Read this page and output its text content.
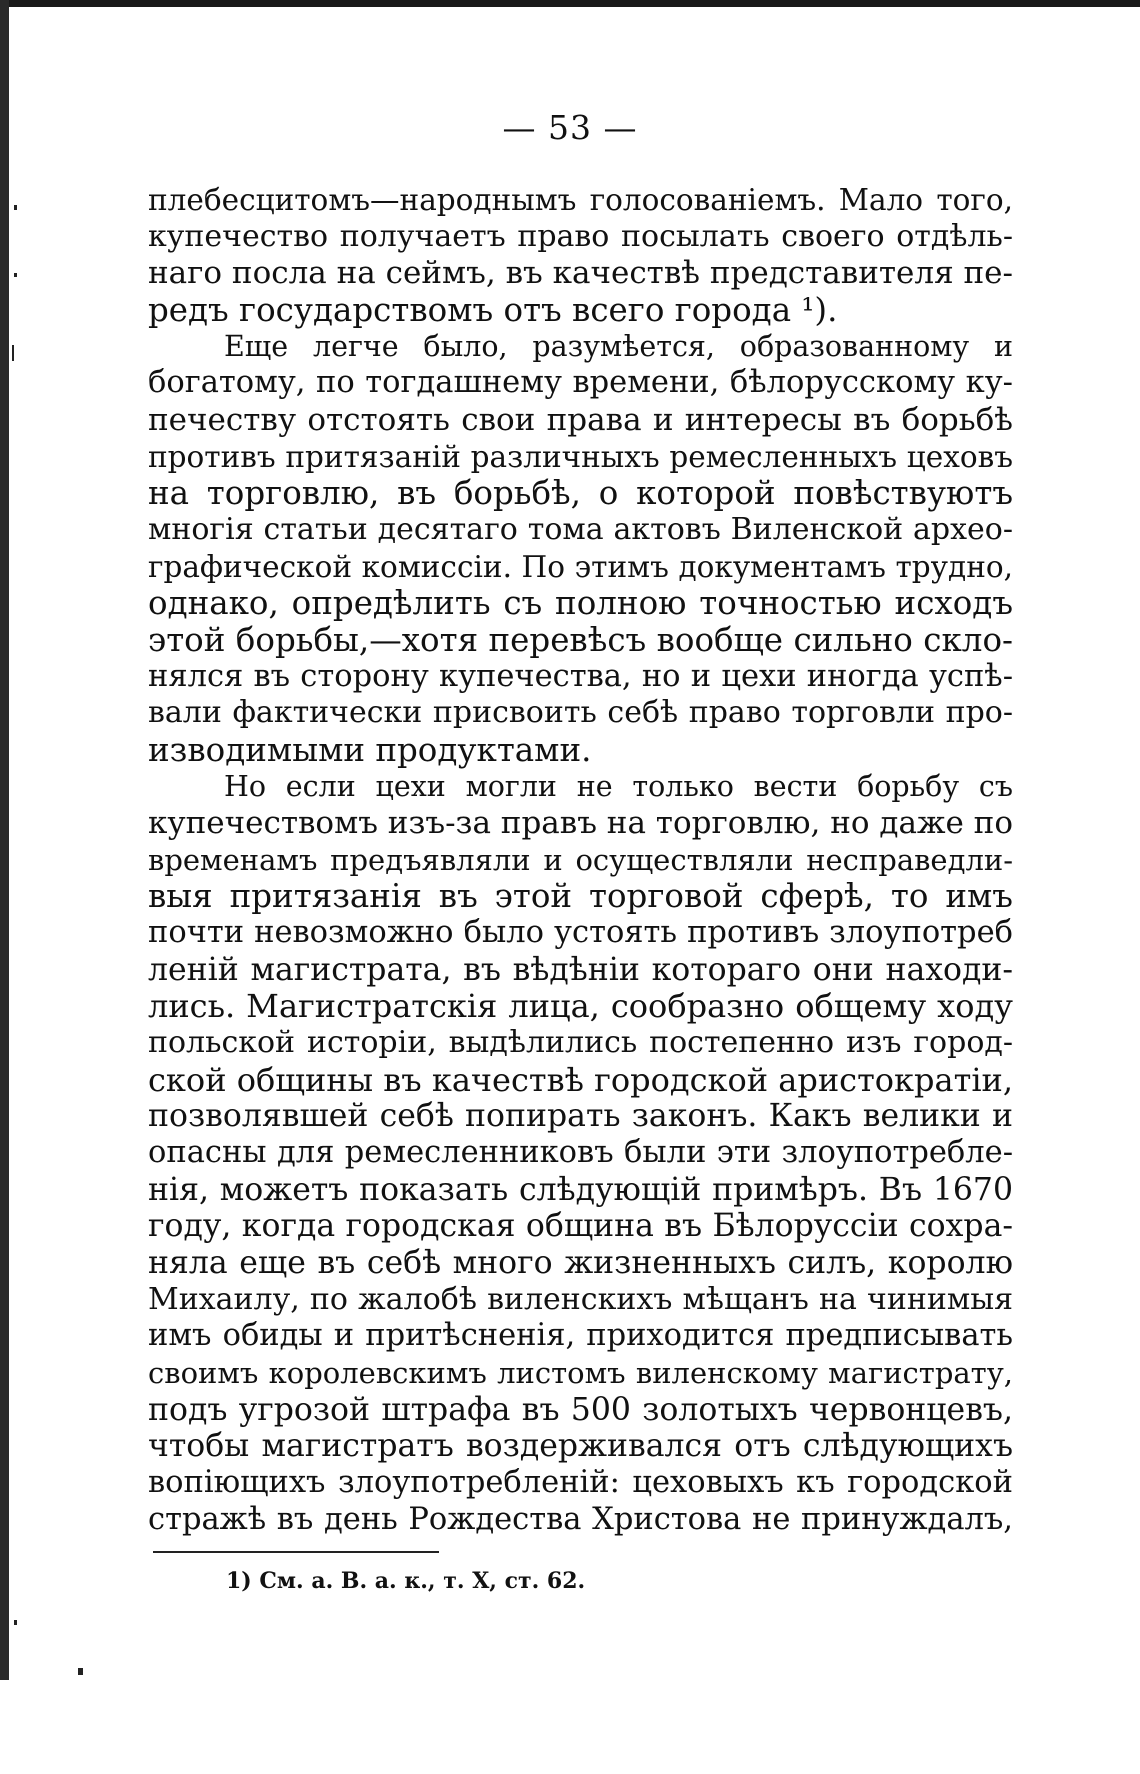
— 53 —
плебесцитомъ—народнымъ голосованіемъ. Мало того,
купечество получаетъ право посылать своего отдѣль-
наго посла на сеймъ, въ качествѣ представителя пе-
редъ государствомъ отъ всего города ¹).
Еще легче было, разумѣется, образованному и
богатому, по тогдашнему времени, бѣлорусскому ку-
печеству отстоять свои права и интересы въ борьбѣ
противъ притязаній различныхъ ремесленныхъ цеховъ
на торговлю, въ борьбѣ, о которой повѣствуютъ
многія статьи десятаго тома актовъ Виленской архео-
графической комиссіи. По этимъ документамъ трудно,
однако, опредѣлить съ полною точностью исходъ
этой борьбы,—хотя перевѣсъ вообще сильно скло-
нялся въ сторону купечества, но и цехи иногда успѣ-
вали фактически присвоить себѣ право торговли про-
изводимыми продуктами.
Но если цехи могли не только вести борьбу съ
купечествомъ изъ-за правъ на торговлю, но даже по
временамъ предъявляли и осуществляли несправедли-
выя притязанія въ этой торговой сферѣ, то имъ
почти невозможно было устоять противъ злоупотреб
леній магистрата, въ вѣдѣніи котораго они находи-
лись. Магистратскія лица, сообразно общему ходу
польской исторіи, выдѣлились постепенно изъ город-
ской общины въ качествѣ городской аристократіи,
позволявшей себѣ попирать законъ. Какъ велики и
опасны для ремесленниковъ были эти злоупотребле-
нія, можетъ показать слѣдующій примѣръ. Въ 1670
году, когда городская община въ Бѣлоруссіи сохра-
няла еще въ себѣ много жизненныхъ силъ, королю
Михаилу, по жалобѣ виленскихъ мѣщанъ на чинимыя
имъ обиды и притѣсненія, приходится предписывать
своимъ королевскимъ листомъ виленскому магистрату,
подъ угрозой штрафа въ 500 золотыхъ червонцевъ,
чтобы магистратъ воздерживался отъ слѣдующихъ
вопіющихъ злоупотребленій: цеховыхъ къ городской
стражѣ въ день Рождества Христова не принуждалъ,
1) См. а. В. а. к., т. X, ст. 62.
